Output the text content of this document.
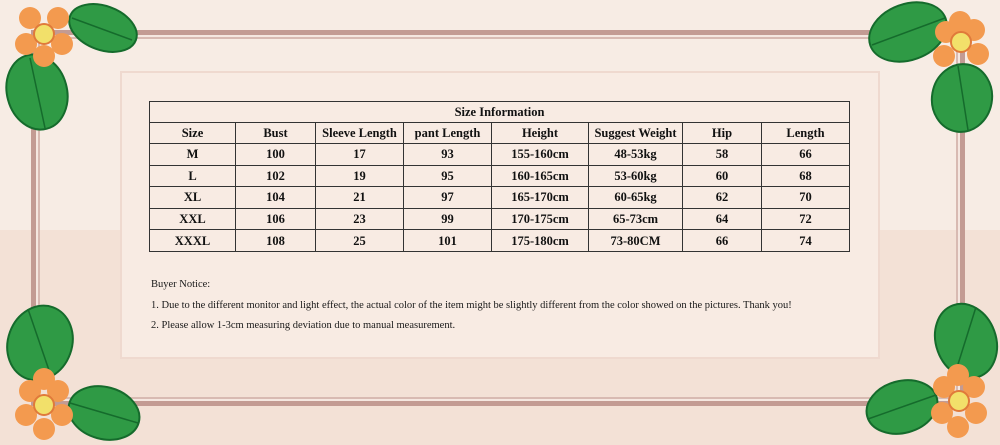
Size Information							
Size	Bust	Sleeve Length	pant Length	Height	Suggest Weight	Hip	Length
M	100	17	93	155-160cm	48-53kg	58	66
L	102	19	95	160-165cm	53-60kg	60	68
XL	104	21	97	165-170cm	60-65kg	62	70
XXL	106	23	99	170-175cm	65-73cm	64	72
XXXL	108	25	101	175-180cm	73-80CM	66	74
Buyer Notice:
1. Due to the different monitor and light effect, the actual color of the item might be slightly different from the color showed on the pictures. Thank you!
2. Please allow 1-3cm measuring deviation due to manual measurement.
